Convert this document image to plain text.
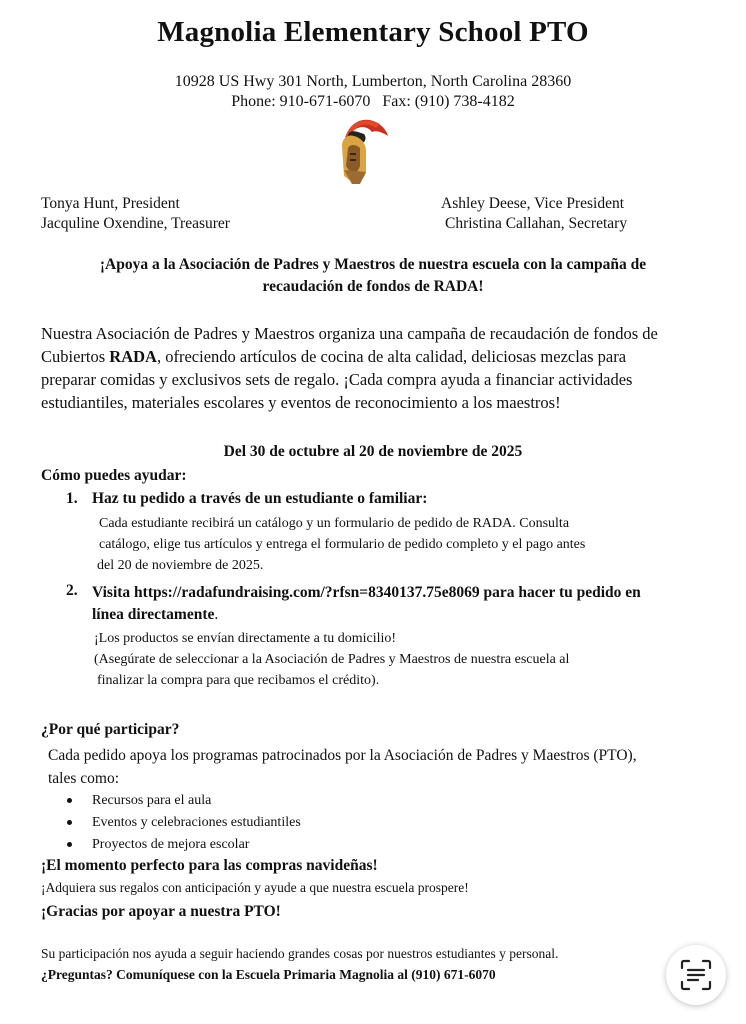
Magnolia Elementary School PTO
10928 US Hwy 301 North, Lumberton, North Carolina 28360
Phone: 910-671-6070 Fax: (910) 738-4182
Tonya Hunt, President
Jacquline Oxendine, Treasurer
Ashley Deese, Vice President
Christina Callahan, Secretary
¡Apoya a la Asociación de Padres y Maestros de nuestra escuela con la campaña de
recaudación de fondos de RADA!
Nuestra Asociación de Padres y Maestros organiza una campaña de recaudación de fondos de
Cubiertos RADA, ofreciendo artículos de cocina de alta calidad, deliciosas mezclas para
preparar comidas y exclusivos sets de regalo. ¡Cada compra ayuda a financiar actividades
estudiantiles, materiales escolares y eventos de reconocimiento a los maestros!
Del 30 de octubre al 20 de noviembre de 2025
Cómo puedes ayudar:
1. Haz tu pedido a través de un estudiante o familiar:
Cada estudiante recibirá un catálogo y un formulario de pedido de RADA. Consulta
catálogo, elige tus artículos y entrega el formulario de pedido completo y el pago antes
del 20 de noviembre de 2025.
2. Visita https://radafundraising.com/?rfsn=8340137.75e8069 para hacer tu pedido en
línea directamente.
¡Los productos se envían directamente a tu domicilio!
(Asegúrate de seleccionar a la Asociación de Padres y Maestros de nuestra escuela al
finalizar la compra para que recibamos el crédito).
¿Por qué participar?
Cada pedido apoya los programas patrocinados por la Asociación de Padres y Maestros (PTO),
tales como:
Recursos para el aula
Eventos y celebraciones estudiantiles
Proyectos de mejora escolar
¡El momento perfecto para las compras navideñas!
¡Adquiera sus regalos con anticipación y ayude a que nuestra escuela prospere!
¡Gracias por apoyar a nuestra PTO!
Su participación nos ayuda a seguir haciendo grandes cosas por nuestros estudiantes y personal.
¿Preguntas? Comuníquese con la Escuela Primaria Magnolia al (910) 671-6070
